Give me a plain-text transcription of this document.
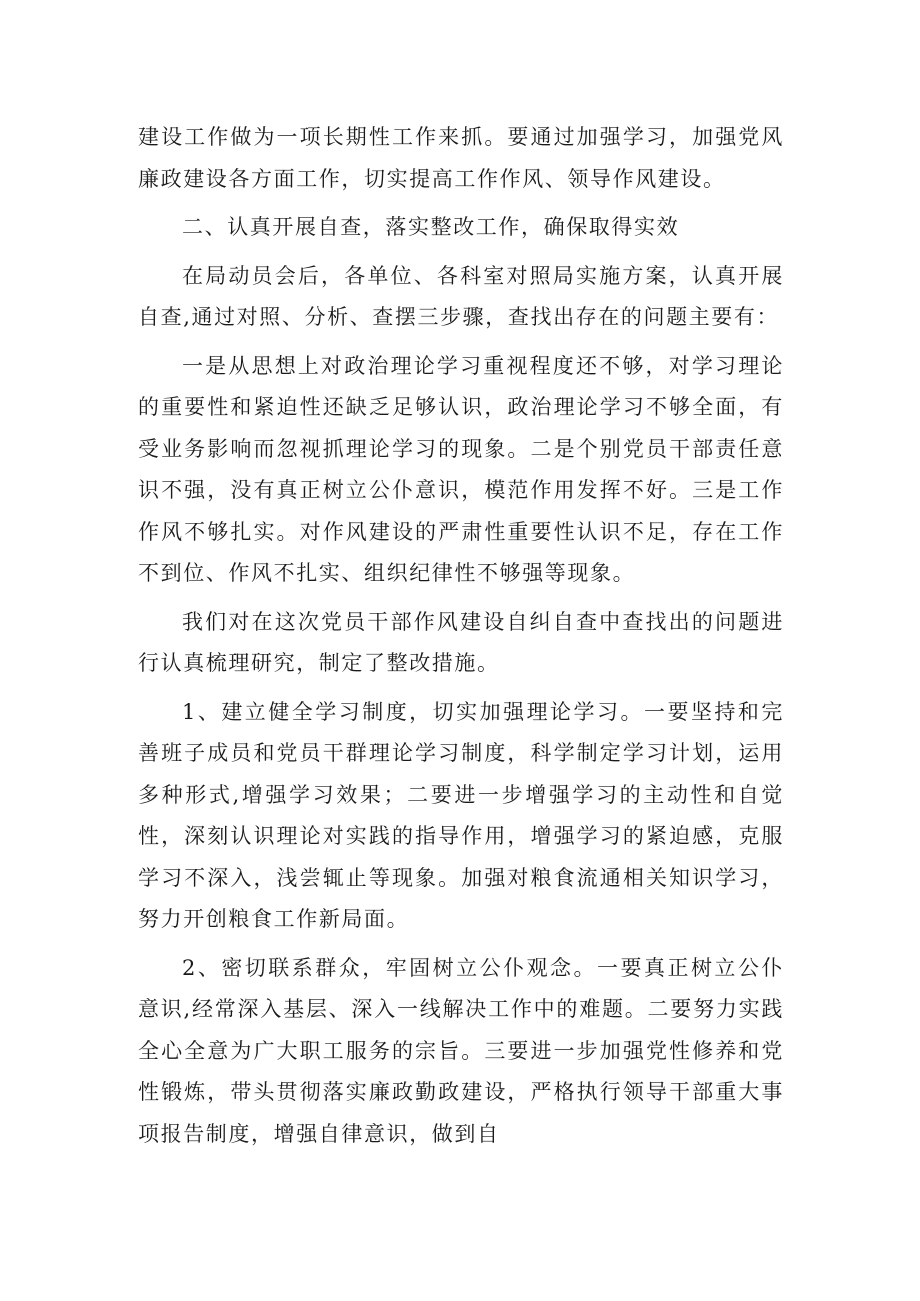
建设工作做为一项长期性工作来抓。要通过加强学习，加强党风廉政建设各方面工作，切实提高工作作风、领导作风建设。

二、认真开展自查，落实整改工作，确保取得实效

在局动员会后，各单位、各科室对照局实施方案，认真开展自查,通过对照、分析、查摆三步骤，查找出存在的问题主要有：

一是从思想上对政治理论学习重视程度还不够，对学习理论的重要性和紧迫性还缺乏足够认识，政治理论学习不够全面，有受业务影响而忽视抓理论学习的现象。二是个别党员干部责任意识不强，没有真正树立公仆意识，模范作用发挥不好。三是工作作风不够扎实。对作风建设的严肃性重要性认识不足，存在工作不到位、作风不扎实、组织纪律性不够强等现象。

我们对在这次党员干部作风建设自纠自查中查找出的问题进行认真梳理研究，制定了整改措施。

1、建立健全学习制度，切实加强理论学习。一要坚持和完善班子成员和党员干群理论学习制度，科学制定学习计划，运用多种形式,增强学习效果；二要进一步增强学习的主动性和自觉性，深刻认识理论对实践的指导作用，增强学习的紧迫感，克服学习不深入，浅尝辄止等现象。加强对粮食流通相关知识学习，努力开创粮食工作新局面。

2、密切联系群众，牢固树立公仆观念。一要真正树立公仆意识,经常深入基层、深入一线解决工作中的难题。二要努力实践全心全意为广大职工服务的宗旨。三要进一步加强党性修养和党性锻炼，带头贯彻落实廉政勤政建设，严格执行领导干部重大事项报告制度，增强自律意识，做到自
